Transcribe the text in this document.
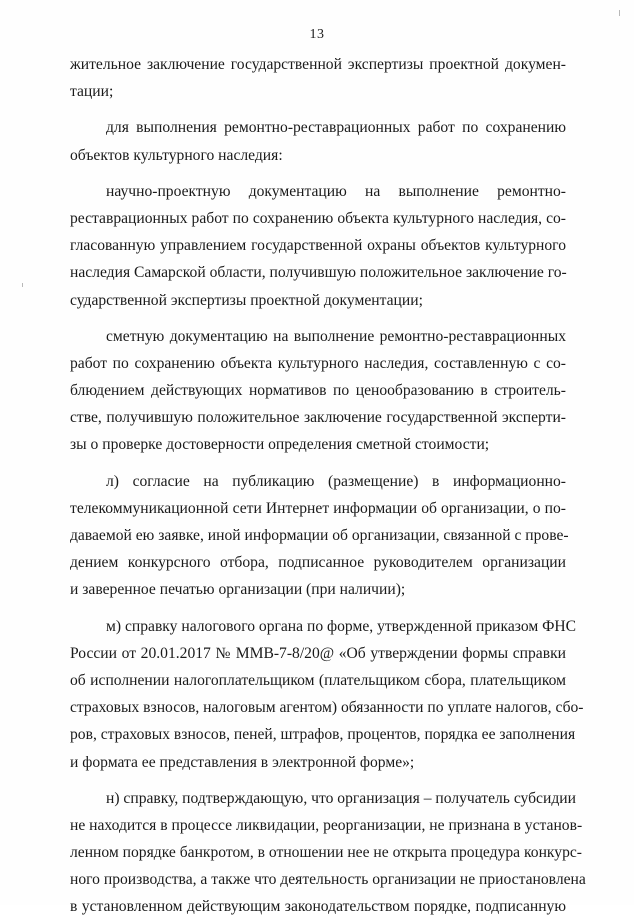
13
жительное заключение государственной экспертизы проектной докумен-
тации;
для выполнения ремонтно-реставрационных работ по сохранению
объектов культурного наследия:
научно-проектную документацию на выполнение ремонтно-
реставрационных работ по сохранению объекта культурного наследия, со-
гласованную управлением государственной охраны объектов культурного
наследия Самарской области, получившую положительное заключение го-
сударственной экспертизы проектной документации;
сметную документацию на выполнение ремонтно-реставрационных
работ по сохранению объекта культурного наследия, составленную с со-
блюдением действующих нормативов по ценообразованию в строитель-
стве, получившую положительное заключение государственной эксперти-
зы о проверке достоверности определения сметной стоимости;
л) согласие на публикацию (размещение) в информационно-
телекоммуникационной сети Интернет информации об организации, о по-
даваемой ею заявке, иной информации об организации, связанной с прове-
дением конкурсного отбора, подписанное руководителем организации
и заверенное печатью организации (при наличии);
м) справку налогового органа по форме, утвержденной приказом ФНС
России от 20.01.2017 № ММВ-7-8/20@ «Об утверждении формы справки
об исполнении налогоплательщиком (плательщиком сбора, плательщиком
страховых взносов, налоговым агентом) обязанности по уплате налогов, сбо-
ров, страховых взносов, пеней, штрафов, процентов, порядка ее заполнения
и формата ее представления в электронной форме»;
н) справку, подтверждающую, что организация – получатель субсидии
не находится в процессе ликвидации, реорганизации, не признана в установ-
ленном порядке банкротом, в отношении нее не открыта процедура конкурс-
ного производства, а также что деятельность организации не приостановлена
в установленном действующим законодательством порядке, подписанную
